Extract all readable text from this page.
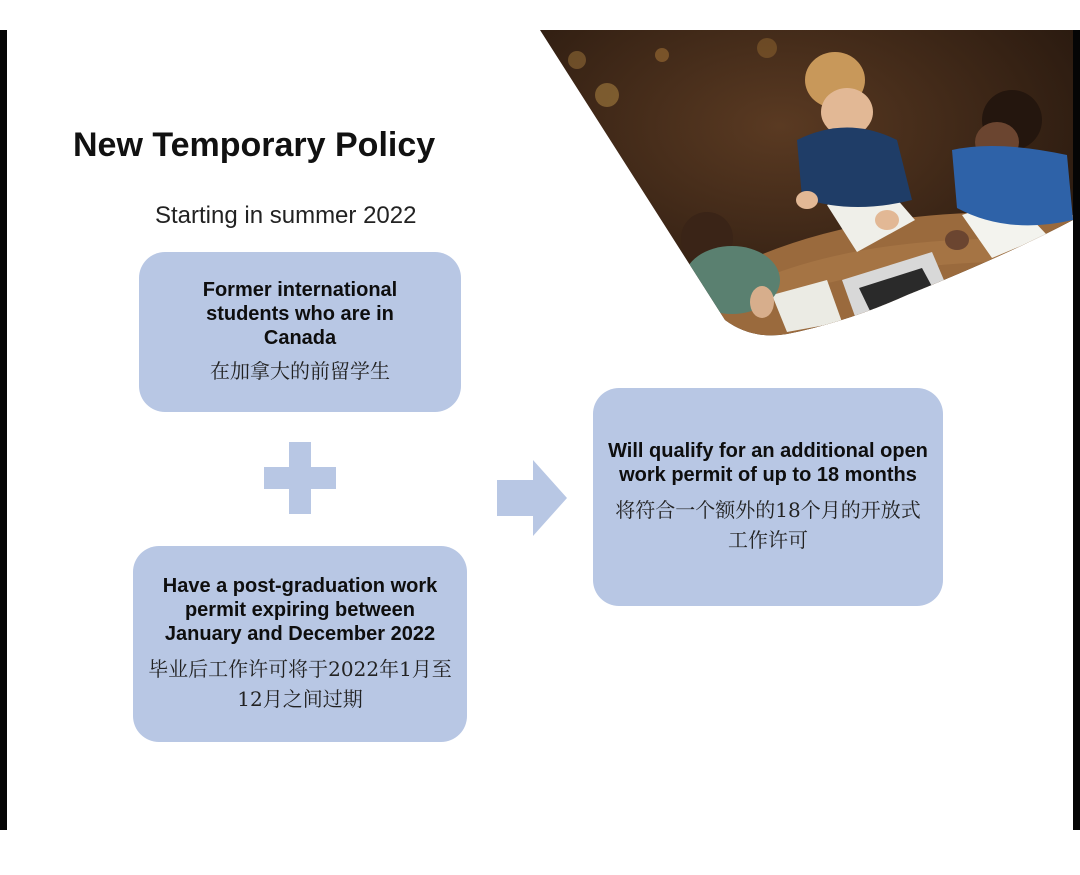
New Temporary Policy
Starting in summer 2022
Former international students who are in Canada
在加拿大的前留学生
Have a post-graduation work permit expiring between January and December 2022
毕业后工作许可将于2022年1月至12月之间过期
Will qualify for an additional open work permit of up to 18 months
将符合一个额外的18个月的开放式工作许可
